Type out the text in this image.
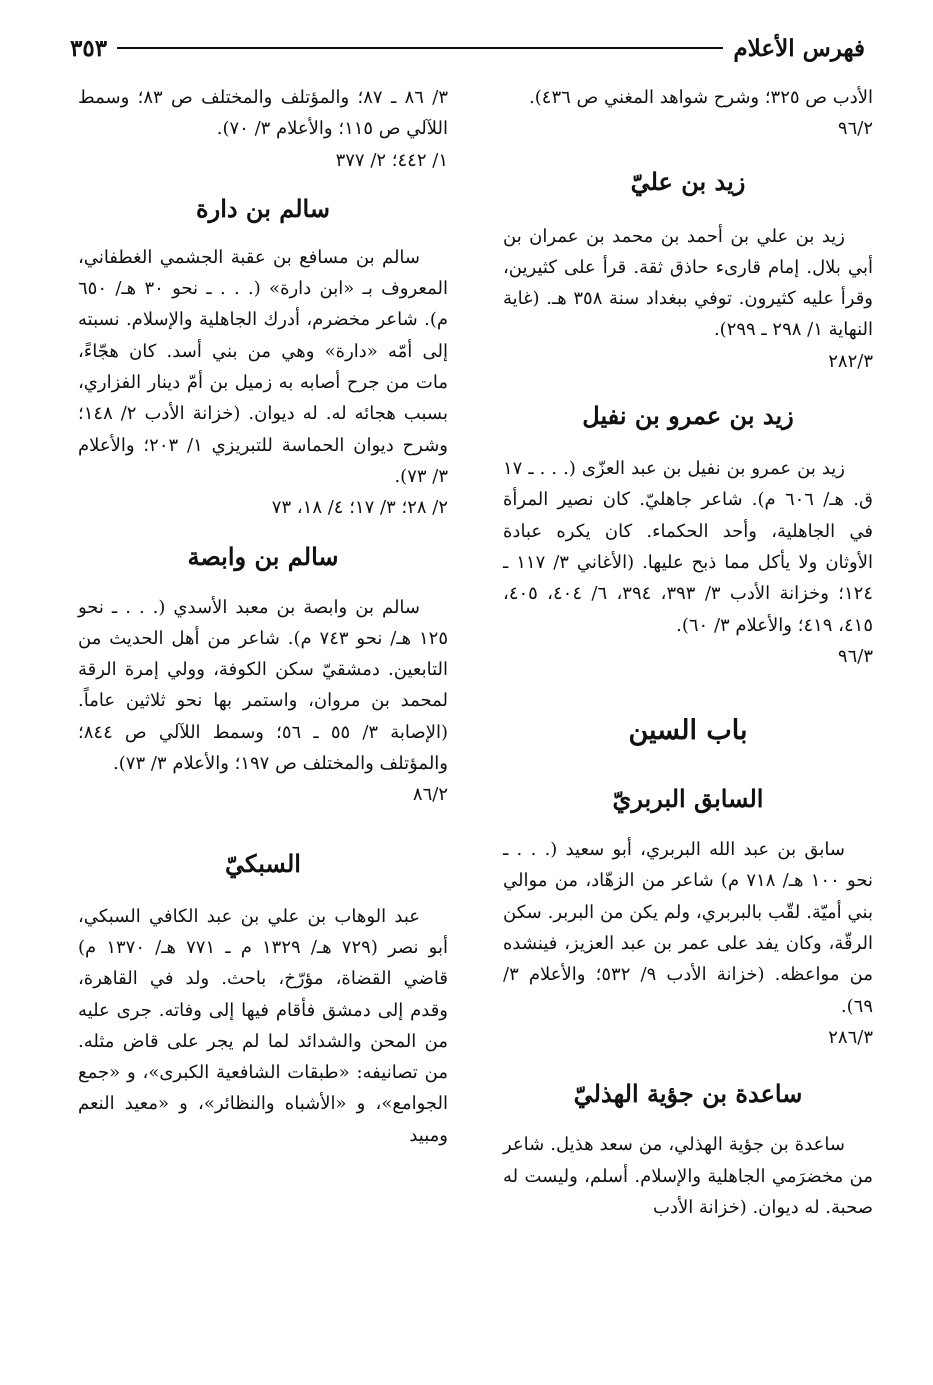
فهرس الأعلام
٣٥٣

الأدب ص ٣٢٥؛ وشرح شواهد المغني ص ٤٣٦).

٩٦/٢

زيد بن عليّ

زيد بن علي بن أحمد بن محمد بن عمران بن أبي بلال. إمام قارىء حاذق ثقة. قرأ على كثيرين، وقرأ عليه كثيرون. توفي ببغداد سنة ٣٥٨ هـ. (غاية النهاية ١/ ٢٩٨ ـ ٢٩٩).

٢٨٢/٣

زيد بن عمرو بن نفيل

زيد بن عمرو بن نفيل بن عبد العزّى (. . . ـ ١٧ ق. هـ/ ٦٠٦ م). شاعر جاهليّ. كان نصير المرأة في الجاهلية، وأحد الحكماء. كان يكره عبادة الأوثان ولا يأكل مما ذبح عليها. (الأغاني ٣/ ١١٧ ـ ١٢٤؛ وخزانة الأدب ٣/ ٣٩٣، ٣٩٤، ٦/ ٤٠٤، ٤٠٥، ٤١٥، ٤١٩؛ والأعلام ٣/ ٦٠).

٩٦/٣

باب السين
السابق البربريّ

سابق بن عبد الله البربري، أبو سعيد (. . . ـ نحو ١٠٠ هـ/ ٧١٨ م) شاعر من الزهّاد، من موالي بني أميّة. لقّب بالبربري، ولم يكن من البربر. سكن الرقّة، وكان يفد على عمر بن عبد العزيز، فينشده من مواعظه. (خزانة الأدب ٩/ ٥٣٢؛ والأعلام ٣/ ٦٩).

٢٨٦/٣

ساعدة بن جؤية الهذليّ

ساعدة بن جؤية الهذلي، من سعد هذيل. شاعر من مخضرَمي الجاهلية والإسلام. أسلم، وليست له صحبة. له ديوان. (خزانة الأدب

٣/ ٨٦ ـ ٨٧؛ والمؤتلف والمختلف ص ٨٣؛ وسمط اللآلي ص ١١٥؛ والأعلام ٣/ ٧٠).

١/ ٤٤٢؛ ٢/ ٣٧٧

سالم بن دارة

سالم بن مسافع بن عقبة الجشمي الغطفاني، المعروف بـ «ابن دارة» (. . . ـ نحو ٣٠ هـ/ ٦٥٠ م). شاعر مخضرم، أدرك الجاهلية والإسلام. نسبته إلى أمّه «دارة» وهي من بني أسد. كان هجّاءً، مات من جرح أصابه به زميل بن أمّ دينار الفزاري، بسبب هجائه له. له ديوان. (خزانة الأدب ٢/ ١٤٨؛ وشرح ديوان الحماسة للتبريزي ١/ ٢٠٣؛ والأعلام ٣/ ٧٣).

٢/ ٢٨؛ ٣/ ١٧؛ ٤/ ١٨، ٧٣

سالم بن وابصة

سالم بن وابصة بن معبد الأسدي (. . . ـ نحو ١٢٥ هـ/ نحو ٧٤٣ م). شاعر من أهل الحديث من التابعين. دمشقيّ سكن الكوفة، وولي إمرة الرقة لمحمد بن مروان، واستمر بها نحو ثلاثين عاماً. (الإصابة ٣/ ٥٥ ـ ٥٦؛ وسمط اللآلي ص ٨٤٤؛ والمؤتلف والمختلف ص ١٩٧؛ والأعلام ٣/ ٧٣).

٨٦/٢

السبكيّ

عبد الوهاب بن علي بن عبد الكافي السبكي، أبو نصر (٧٢٩ هـ/ ١٣٢٩ م ـ ٧٧١ هـ/ ١٣٧٠ م) قاضي القضاة، مؤرّخ، باحث. ولد في القاهرة، وقدم إلى دمشق فأقام فيها إلى وفاته. جرى عليه من المحن والشدائد لما لم يجر على قاض مثله. من تصانيفه: «طبقات الشافعية الكبرى»، و «جمع الجوامع»، و «الأشباه والنظائر»، و «معيد النعم ومبيد
